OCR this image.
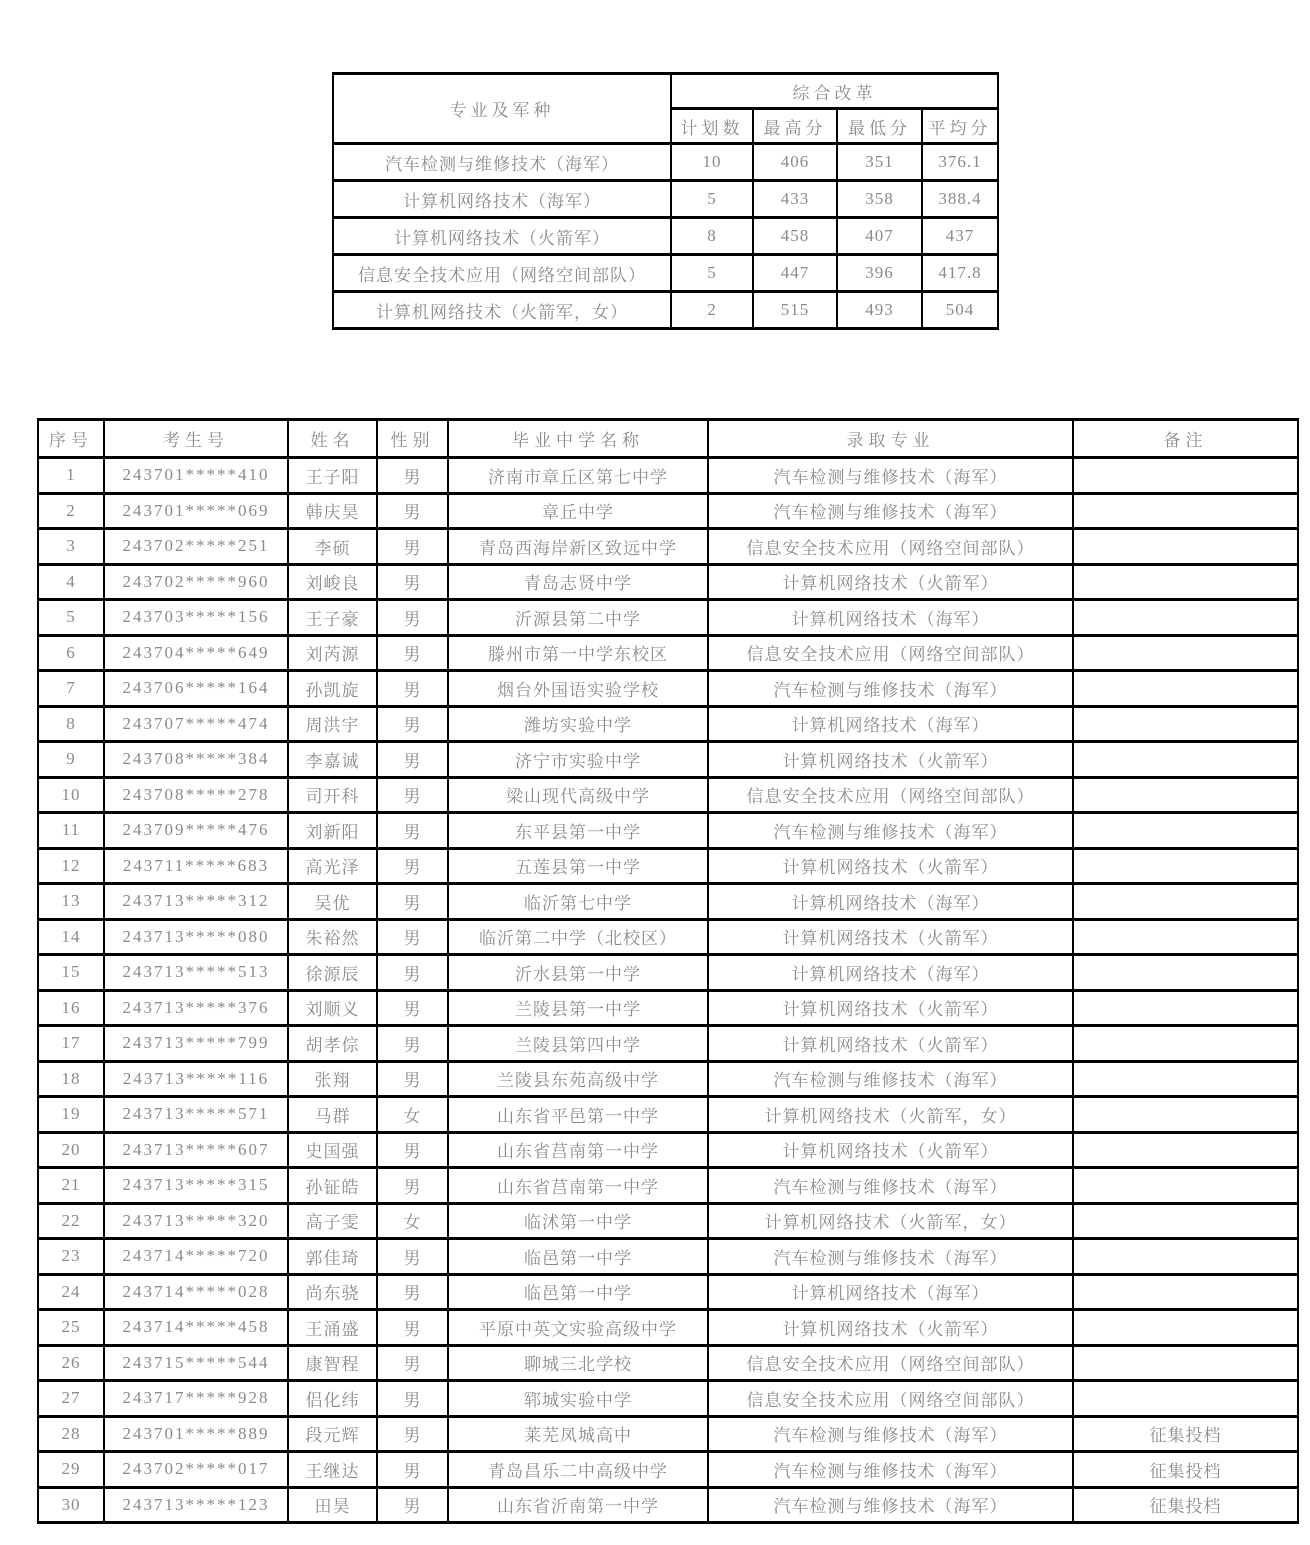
专业及军种	综合改革			
	计划数	最高分	最低分	平均分
汽车检测与维修技术（海军）	10	406	351	376.1
计算机网络技术（海军）	5	433	358	388.4
计算机网络技术（火箭军）	8	458	407	437
信息安全技术应用（网络空间部队）	5	447	396	417.8
计算机网络技术（火箭军，女）	2	515	493	504
序号	考生号	姓名	性别	毕业中学名称	录取专业	备注
1	243701*****410	王子阳	男	济南市章丘区第七中学	汽车检测与维修技术（海军）	
2	243701*****069	韩庆昊	男	章丘中学	汽车检测与维修技术（海军）	
3	243702*****251	李硕	男	青岛西海岸新区致远中学	信息安全技术应用（网络空间部队）	
4	243702*****960	刘峻良	男	青岛志贤中学	计算机网络技术（火箭军）	
5	243703*****156	王子豪	男	沂源县第二中学	计算机网络技术（海军）	
6	243704*****649	刘芮源	男	滕州市第一中学东校区	信息安全技术应用（网络空间部队）	
7	243706*****164	孙凯旋	男	烟台外国语实验学校	汽车检测与维修技术（海军）	
8	243707*****474	周洪宇	男	潍坊实验中学	计算机网络技术（海军）	
9	243708*****384	李嘉诚	男	济宁市实验中学	计算机网络技术（火箭军）	
10	243708*****278	司开科	男	梁山现代高级中学	信息安全技术应用（网络空间部队）	
11	243709*****476	刘新阳	男	东平县第一中学	汽车检测与维修技术（海军）	
12	243711*****683	高光泽	男	五莲县第一中学	计算机网络技术（火箭军）	
13	243713*****312	吴优	男	临沂第七中学	计算机网络技术（海军）	
14	243713*****080	朱裕然	男	临沂第二中学（北校区）	计算机网络技术（火箭军）	
15	243713*****513	徐源辰	男	沂水县第一中学	计算机网络技术（海军）	
16	243713*****376	刘顺义	男	兰陵县第一中学	计算机网络技术（火箭军）	
17	243713*****799	胡孝倧	男	兰陵县第四中学	计算机网络技术（火箭军）	
18	243713*****116	张翔	男	兰陵县东苑高级中学	汽车检测与维修技术（海军）	
19	243713*****571	马群	女	山东省平邑第一中学	计算机网络技术（火箭军，女）	
20	243713*****607	史国强	男	山东省莒南第一中学	计算机网络技术（火箭军）	
21	243713*****315	孙钲皓	男	山东省莒南第一中学	汽车检测与维修技术（海军）	
22	243713*****320	高子雯	女	临沭第一中学	计算机网络技术（火箭军，女）	
23	243714*****720	郭佳琦	男	临邑第一中学	汽车检测与维修技术（海军）	
24	243714*****028	尚东骁	男	临邑第一中学	计算机网络技术（海军）	
25	243714*****458	王涌盛	男	平原中英文实验高级中学	计算机网络技术（火箭军）	
26	243715*****544	康智程	男	聊城三北学校	信息安全技术应用（网络空间部队）	
27	243717*****928	侣化纬	男	郓城实验中学	信息安全技术应用（网络空间部队）	
28	243701*****889	段元辉	男	莱芜凤城高中	汽车检测与维修技术（海军）	征集投档
29	243702*****017	王继达	男	青岛昌乐二中高级中学	汽车检测与维修技术（海军）	征集投档
30	243713*****123	田昊	男	山东省沂南第一中学	汽车检测与维修技术（海军）	征集投档
